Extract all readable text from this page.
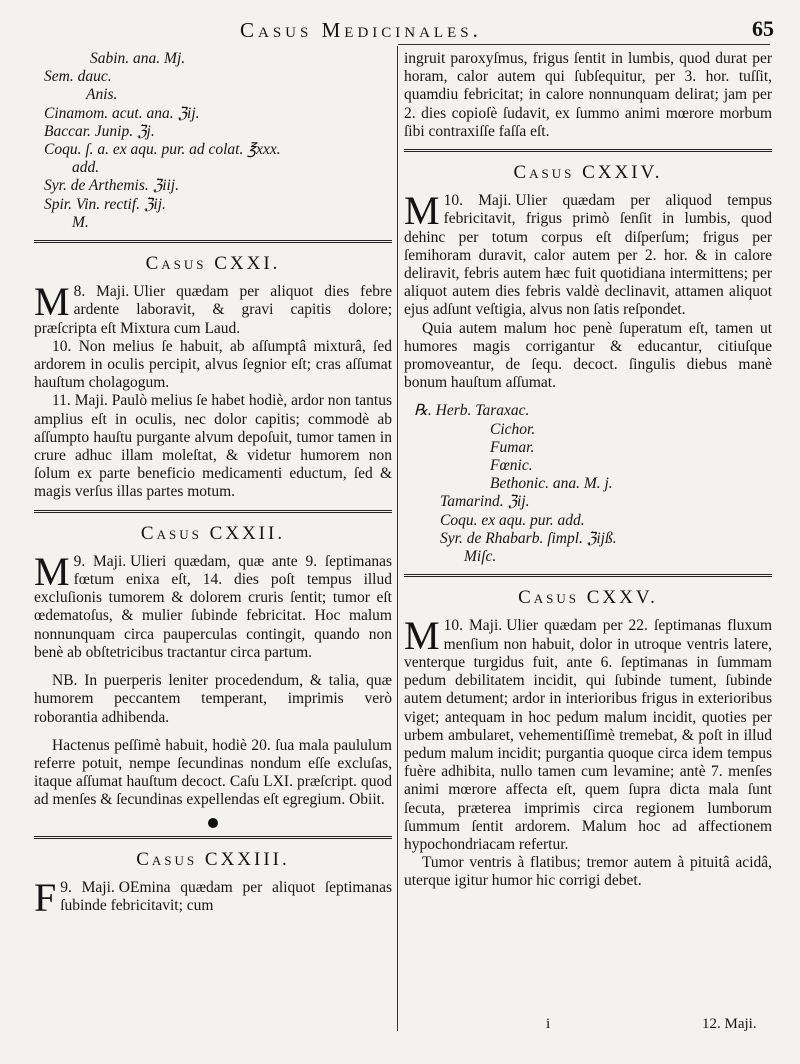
Casus Medicinales.	65
Sabin. ana. Mj.
Sem. dauc.
Anis.
Cinamom. acut. ana. ℨij.
Baccar. Junip. ℨj.
Coqu. ſ. a. ex aqu. pur. ad colat. ℥xxx.
add.
Syr. de Arthemis. ℨiij.
Spir. Vin. rectif. ℨij.
M.
Casus CXXI.

8. Maji.
M	Ulier quædam per aliquot dies febre ardente laboravit, & gravi capitis dolore; præſcripta eſt Mixtura cum Laud.

10. Non melius ſe habuit, ab aſſumptâ mixturâ, ſed ardorem in oculis percipit, alvus ſegnior eſt; cras aſſumat hauſtum cholagogum.

11. Maji. Paulò melius ſe habet hodiè, ardor non tantus amplius eſt in oculis, nec dolor capitis; commodè ab aſſumpto hauſtu purgante alvum depoſuit, tumor tamen in crure adhuc illam moleſtat, & videtur humorem non ſolum ex parte beneficio medicamenti eductum, ſed & magis verſus illas partes motum.

Casus CXXII.

9. Maji.
M	Ulieri quædam, quæ ante 9. ſeptimanas fœtum enixa eſt, 14. dies poſt tempus illud excluſionis tumorem & dolorem cruris ſentit; tumor eſt œdematoſus, & mulier ſubinde febricitat. Hoc malum nonnunquam circa pauperculas contingit, quando non benè ab obſtetricibus tractantur circa partum.

NB. In puerperis leniter procedendum, & talia, quæ humorem peccantem temperant, imprimis verò roborantia adhibenda.

Hactenus peſſimè habuit, hodiè 20. ſua mala paululum referre potuit, nempe ſecundinas nondum eſſe excluſas, itaque aſſumat hauſtum decoct. Caſu LXI. præſcript. quod ad menſes & ſecundinas expellendas eſt egregium. Obiit.

Casus CXXIII.

9. Maji.
F	OEmina quædam per aliquot ſeptimanas ſubinde febricitavit; cum

ingruit paroxyſmus, frigus ſentit in lumbis, quod durat per horam, calor autem qui ſubſequitur, per 3. hor. tuſſit, quamdiu febricitat; in calore nonnunquam delirat; jam per 2. dies copioſè ſudavit, ex ſummo animi mœrore morbum ſibi contraxiſſe faſſa eſt.

Casus CXXIV.

10. Maji.
M	Ulier quædam per aliquod tempus febricitavit, frigus primò ſenſit in lumbis, quod dehinc per totum corpus eſt diſperſum; frigus per ſemihoram duravit, calor autem per 2. hor. & in calore deliravit, febris autem hæc fuit quotidiana intermittens; per aliquot autem dies febris valdè declinavit, attamen aliquot ejus adſunt veſtigia, alvus non ſatis reſpondet.

Quia autem malum hoc penè ſuperatum eſt, tamen ut humores magis corrigantur & educantur, citiuſque promoveantur, de ſequ. decoct. ſingulis diebus manè bonum hauſtum aſſumat.

℞. Herb. Taraxac.
Cichor.
Fumar.
Fœnic.
Bethonic. ana. M. j.
Tamarind. ℨij.
Coqu. ex aqu. pur. add.
Syr. de Rhabarb. ſimpl. ℨijß.
Miſc.
Casus CXXV.

10. Maji.
M	Ulier quædam per 22. ſeptimanas fluxum menſium non habuit, dolor in utroque ventris latere, venterque turgidus fuit, ante 6. ſeptimanas in ſummam pedum debilitatem incidit, qui ſubinde tument, ſubinde autem detument; ardor in interioribus frigus in exterioribus viget; antequam in hoc pedum malum incidit, quoties per urbem ambularet, vehementiſſimè tremebat, & poſt in illud pedum malum incidit; purgantia quoque circa idem tempus fuère adhibita, nullo tamen cum levamine; antè 7. menſes animi mœrore affecta eſt, quem ſupra dicta mala ſunt ſecuta, præterea imprimis circa regionem lumborum ſummum ſentit ardorem. Malum hoc ad affectionem hypochondriacam refertur.

Tumor ventris à flatibus; tremor autem à pituitâ acidâ, uterque igitur humor hic corrigi debet.

i	12. Maji.
